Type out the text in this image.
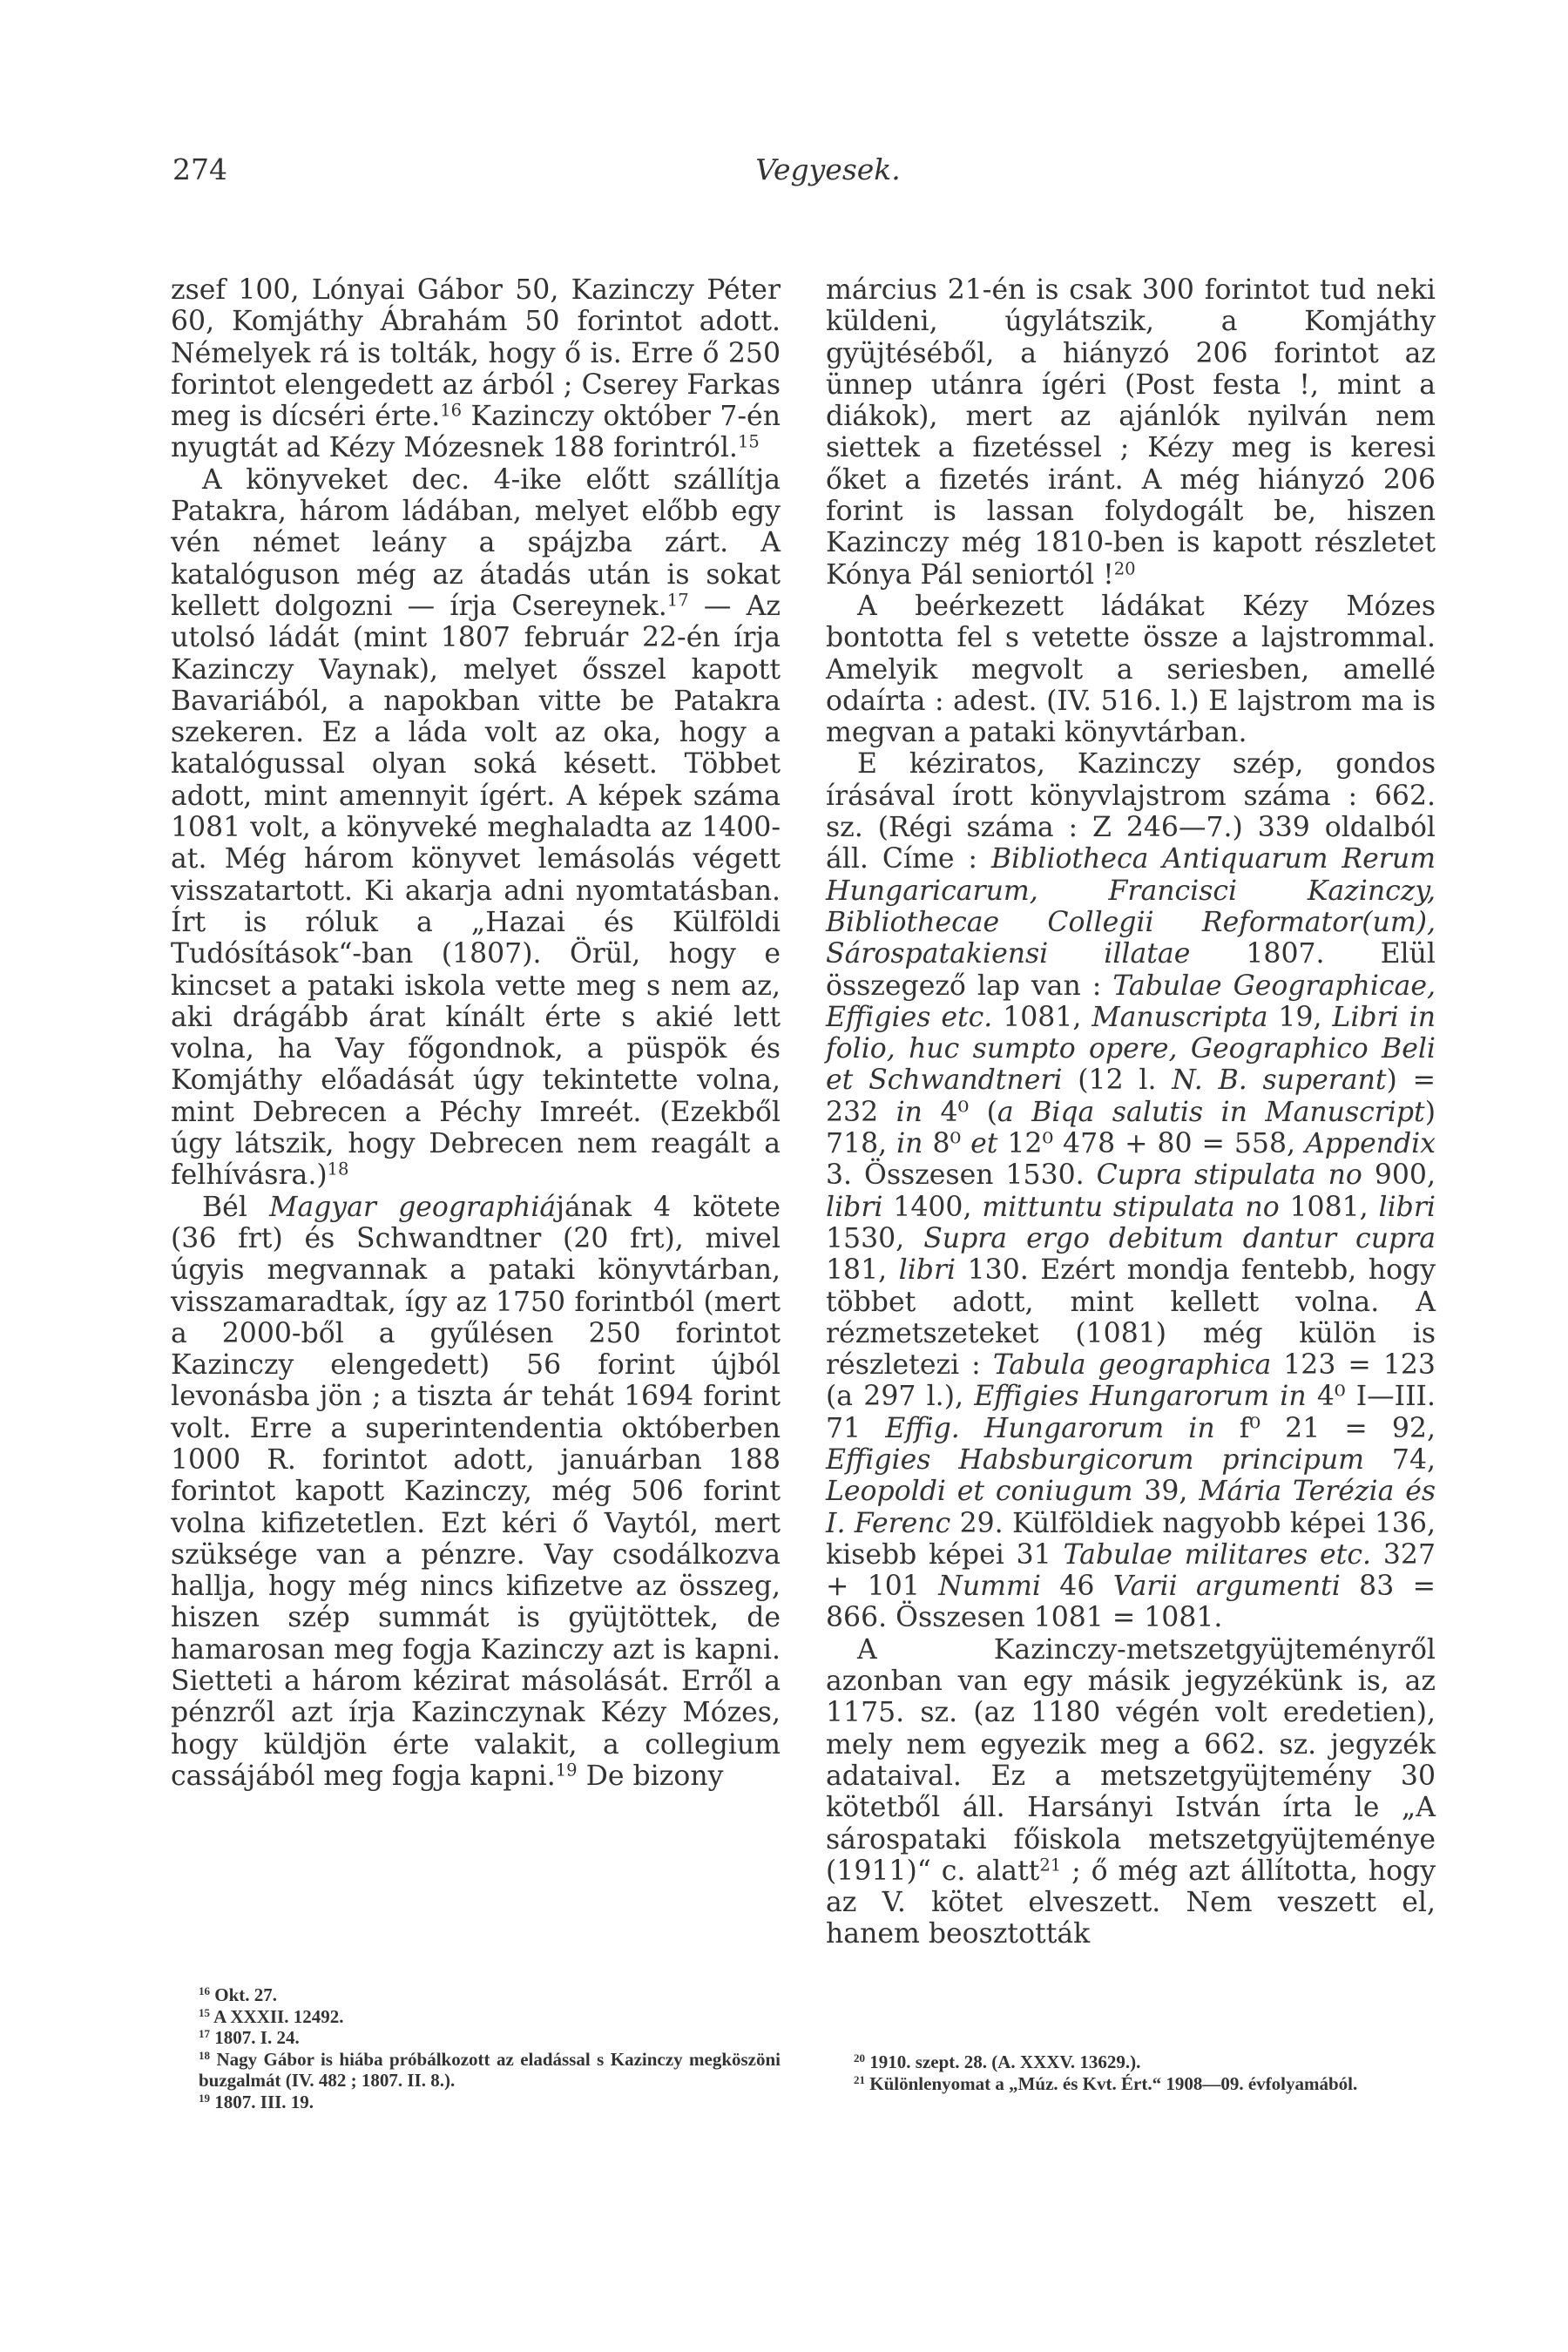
274	Vegyesek.

zsef 100, Lónyai Gábor 50, Kazinczy Péter 60, Komjáthy Ábrahám 50 forintot adott. Némelyek rá is tolták, hogy ő is. Erre ő 250 forintot elengedett az árból ; Cserey Farkas meg is dícséri érte.$^{16}$ Kazinczy október 7-én nyugtát ad Kézy Mózesnek 188 forintról.$^{15}$

A könyveket dec. 4-ike előtt szállítja Patakra, három ládában, melyet előbb egy vén német leány a spájzba zárt. A katalóguson még az átadás után is sokat kellett dolgozni — írja Csereynek.$^{17}$ — Az utolsó ládát (mint 1807 február 22-én írja Kazinczy Vaynak), melyet ősszel kapott Bavariából, a napokban vitte be Patakra szekeren. Ez a láda volt az oka, hogy a katalógussal olyan soká késett. Többet adott, mint amennyit ígért. A képek száma 1081 volt, a könyveké meghaladta az 1400-at. Még három könyvet lemásolás végett visszatartott. Ki akarja adni nyomtatásban. Írt is róluk a „Hazai és Külföldi Tudósítások“-ban (1807). Örül, hogy e kincset a pataki iskola vette meg s nem az, aki drágább árat kínált érte s akié lett volna, ha Vay főgondnok, a püspök és Komjáthy előadását úgy tekintette volna, mint Debrecen a Péchy Imreét. (Ezekből úgy látszik, hogy Debrecen nem reagált a felhívásra.)$^{18}$

Bél Magyar geographiájának 4 kötete (36 frt) és Schwandtner (20 frt), mivel úgyis megvannak a pataki könyvtárban, visszamaradtak, így az 1750 forintból (mert a 2000-ből a gyűlésen 250 forintot Kazinczy elengedett) 56 forint újból levonásba jön ; a tiszta ár tehát 1694 forint volt. Erre a superintendentia októberben 1000 R. forintot adott, januárban 188 forintot kapott Kazinczy, még 506 forint volna kifizetetlen. Ezt kéri ő Vaytól, mert szüksége van a pénzre. Vay csodálkozva hallja, hogy még nincs kifizetve az összeg, hiszen szép summát is gyüjtöttek, de hamarosan meg fogja Kazinczy azt is kapni. Sietteti a három kézirat másolását. Erről a pénzről azt írja Kazinczynak Kézy Mózes, hogy küldjön érte valakit, a collegium cassájából meg fogja kapni.$^{19}$ De bizony

március 21-én is csak 300 forintot tud neki küldeni, úgylátszik, a Komjáthy gyüjtéséből, a hiányzó 206 forintot az ünnep utánra ígéri (Post festa !, mint a diákok), mert az ajánlók nyilván nem siettek a fizetéssel ; Kézy meg is keresi őket a fizetés iránt. A még hiányzó 206 forint is lassan folydogált be, hiszen Kazinczy még 1810-ben is kapott részletet Kónya Pál seniortól !$^{20}$

A beérkezett ládákat Kézy Mózes bontotta fel s vetette össze a lajstrommal. Amelyik megvolt a seriesben, amellé odaírta : adest. (IV. 516. l.) E lajstrom ma is megvan a pataki könyvtárban.

E kéziratos, Kazinczy szép, gondos írásával írott könyvlajstrom száma : 662. sz. (Régi száma : Z 246—7.) 339 oldalból áll. Címe : Bibliotheca Antiquarum Rerum Hungaricarum, Francisci Kazinczy, Bibliothecae Collegii Reformator(um), Sárospatakiensi illatae 1807. Elül összegező lap van : Tabulae Geographicae, Effigies etc. 1081, Manuscripta 19, Libri in folio, huc sumpto opere, Geographico Beli et Schwandtneri (12 l. N. B. superant) = 232 in 4⁰ (a Biqa salutis in Manuscript) 718, in 8⁰ et 12⁰ 478 + 80 = 558, Appendix 3. Összesen 1530. Cupra stipulata no 900, libri 1400, mittuntu stipulata no 1081, libri 1530, Supra ergo debitum dantur cupra 181, libri 130. Ezért mondja fentebb, hogy többet adott, mint kellett volna. A rézmetszeteket (1081) még külön is részletezi : Tabula geographica 123 = 123 (a 297 l.), Effigies Hungarorum in 4⁰ I—III. 71 Effig. Hungarorum in f⁰ 21 = 92, Effigies Habsburgicorum principum 74, Leopoldi et coniugum 39, Mária Terézia és I. Ferenc 29. Külföldiek nagyobb képei 136, kisebb képei 31 Tabulae militares etc. 327 + 101 Nummi 46 Varii argumenti 83 = 866. Összesen 1081 = 1081.

A Kazinczy-metszetgyüjteményről azonban van egy másik jegyzékünk is, az 1175. sz. (az 1180 végén volt eredetien), mely nem egyezik meg a 662. sz. jegyzék adataival. Ez a metszetgyüjtemény 30 kötetből áll. Harsányi István írta le „A sárospataki főiskola metszetgyüjteménye (1911)“ c. alatt$^{21}$ ; ő még azt állította, hogy az V. kötet elveszett. Nem veszett el, hanem beosztották

$^{16}$ Okt. 27.

$^{15}$ A XXXII. 12492.

$^{17}$ 1807. I. 24.

$^{18}$ Nagy Gábor is hiába próbálkozott az eladással s Kazinczy megköszöni buzgalmát (IV. 482 ; 1807. II. 8.).

$^{19}$ 1807. III. 19.

$^{20}$ 1910. szept. 28. (A. XXXV. 13629.).

$^{21}$ Különlenyomat a „Múz. és Kvt. Ért.“ 1908—09. évfolyamából.
